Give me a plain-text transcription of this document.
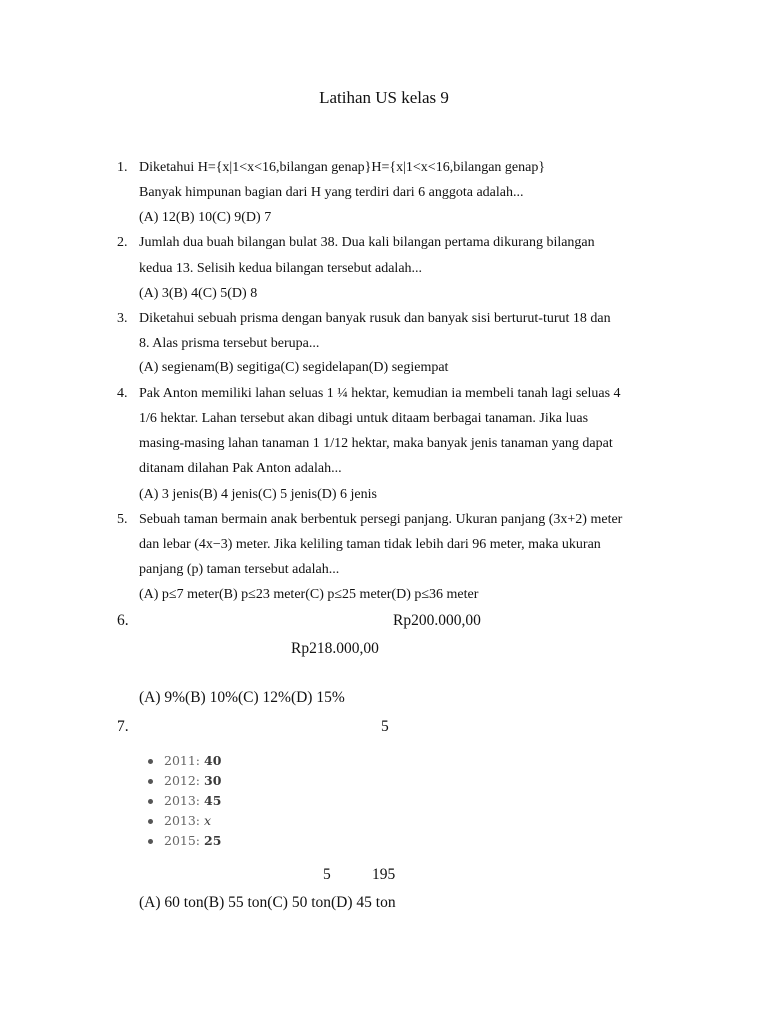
Latihan US kelas 9
1. Diketahui H={x|1<x<16,bilangan genap}H={x|1<x<16,bilangan genap}
Banyak himpunan bagian dari H yang terdiri dari 6 anggota adalah...
(A) 12(B) 10(C) 9(D) 7
2. Jumlah dua buah bilangan bulat 38. Dua kali bilangan pertama dikurang bilangan
kedua 13. Selisih kedua bilangan tersebut adalah...
(A) 3(B) 4(C) 5(D) 8
3. Diketahui sebuah prisma dengan banyak rusuk dan banyak sisi berturut-turut 18 dan
8. Alas prisma tersebut berupa...
(A) segienam(B) segitiga(C) segidelapan(D) segiempat
4. Pak Anton memiliki lahan seluas 1 ¼ hektar, kemudian ia membeli tanah lagi seluas 4
1/6 hektar. Lahan tersebut akan dibagi untuk ditaam berbagai tanaman. Jika luas
masing-masing lahan tanaman 1 1/12 hektar, maka banyak jenis tanaman yang dapat
ditanam dilahan Pak Anton adalah...
(A) 3 jenis(B) 4 jenis(C) 5 jenis(D) 6 jenis
5. Sebuah taman bermain anak berbentuk persegi panjang. Ukuran panjang (3x+2) meter
dan lebar (4x−3) meter. Jika keliling taman tidak lebih dari 96 meter, maka ukuran
panjang (p) taman tersebut adalah...
(A) p≤7 meter(B) p≤23 meter(C) p≤25 meter(D) p≤36 meter
6.	Rp200.000,00
Rp218.000,00
(A) 9%(B) 10%(C) 12%(D) 15%
7.	5
2011: 40
2012: 30
2013: 45
2013: x
2015: 25
5	195
(A) 60 ton(B) 55 ton(C) 50 ton(D) 45 ton
